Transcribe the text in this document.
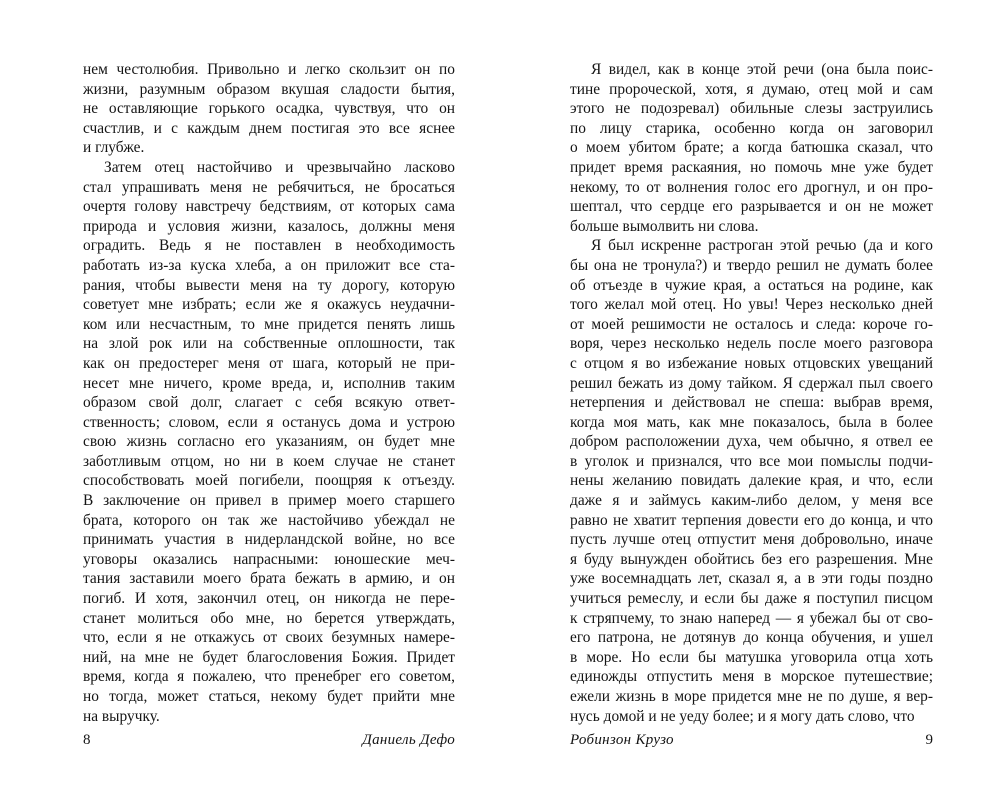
нем честолюбия. Привольно и легко скользит он по
жизни, разумным образом вкушая сладости бытия,
не оставляющие горького осадка, чувствуя, что он
счастлив, и с каждым днем постигая это все яснее
и глубже.
Затем отец настойчиво и чрезвычайно ласково
стал упрашивать меня не ребячиться, не бросаться
очертя голову навстречу бедствиям, от которых сама
природа и условия жизни, казалось, должны меня
оградить. Ведь я не поставлен в необходимость
работать из-за куска хлеба, а он приложит все ста-
рания, чтобы вывести меня на ту дорогу, которую
советует мне избрать; если же я окажусь неудачни-
ком или несчастным, то мне придется пенять лишь
на злой рок или на собственные оплошности, так
как он предостерег меня от шага, который не при-
несет мне ничего, кроме вреда, и, исполнив таким
образом свой долг, слагает с себя всякую ответ-
ственность; словом, если я останусь дома и устрою
свою жизнь согласно его указаниям, он будет мне
заботливым отцом, но ни в коем случае не станет
способствовать моей погибели, поощряя к отъезду.
В заключение он привел в пример моего старшего
брата, которого он так же настойчиво убеждал не
принимать участия в нидерландской войне, но все
уговоры оказались напрасными: юношеские меч-
тания заставили моего брата бежать в армию, и он
погиб. И хотя, закончил отец, он никогда не пере-
станет молиться обо мне, но берется утверждать,
что, если я не откажусь от своих безумных намере-
ний, на мне не будет благословения Божия. Придет
время, когда я пожалею, что пренебрег его советом,
но тогда, может статься, некому будет прийти мне
на выручку.
Я видел, как в конце этой речи (она была поис-
тине пророческой, хотя, я думаю, отец мой и сам
этого не подозревал) обильные слезы заструились
по лицу старика, особенно когда он заговорил
о моем убитом брате; а когда батюшка сказал, что
придет время раскаяния, но помочь мне уже будет
некому, то от волнения голос его дрогнул, и он про-
шептал, что сердце его разрывается и он не может
больше вымолвить ни слова.
Я был искренне растроган этой речью (да и кого
бы она не тронула?) и твердо решил не думать более
об отъезде в чужие края, а остаться на родине, как
того желал мой отец. Но увы! Через несколько дней
от моей решимости не осталось и следа: короче го-
воря, через несколько недель после моего разговора
с отцом я во избежание новых отцовских увещаний
решил бежать из дому тайком. Я сдержал пыл своего
нетерпения и действовал не спеша: выбрав время,
когда моя мать, как мне показалось, была в более
добром расположении духа, чем обычно, я отвел ее
в уголок и признался, что все мои помыслы подчи-
нены желанию повидать далекие края, и что, если
даже я и займусь каким-либо делом, у меня все
равно не хватит терпения довести его до конца, и что
пусть лучше отец отпустит меня добровольно, иначе
я буду вынужден обойтись без его разрешения. Мне
уже восемнадцать лет, сказал я, а в эти годы поздно
учиться ремеслу, и если бы даже я поступил писцом
к стряпчему, то знаю наперед — я убежал бы от сво-
его патрона, не дотянув до конца обучения, и ушел
в море. Но если бы матушка уговорила отца хоть
единожды отпустить меня в морское путешествие;
ежели жизнь в море придется мне не по душе, я вер-
нусь домой и не уеду более; и я могу дать слово, что
8	Даниель Дефо	Робинзон Крузо	9
